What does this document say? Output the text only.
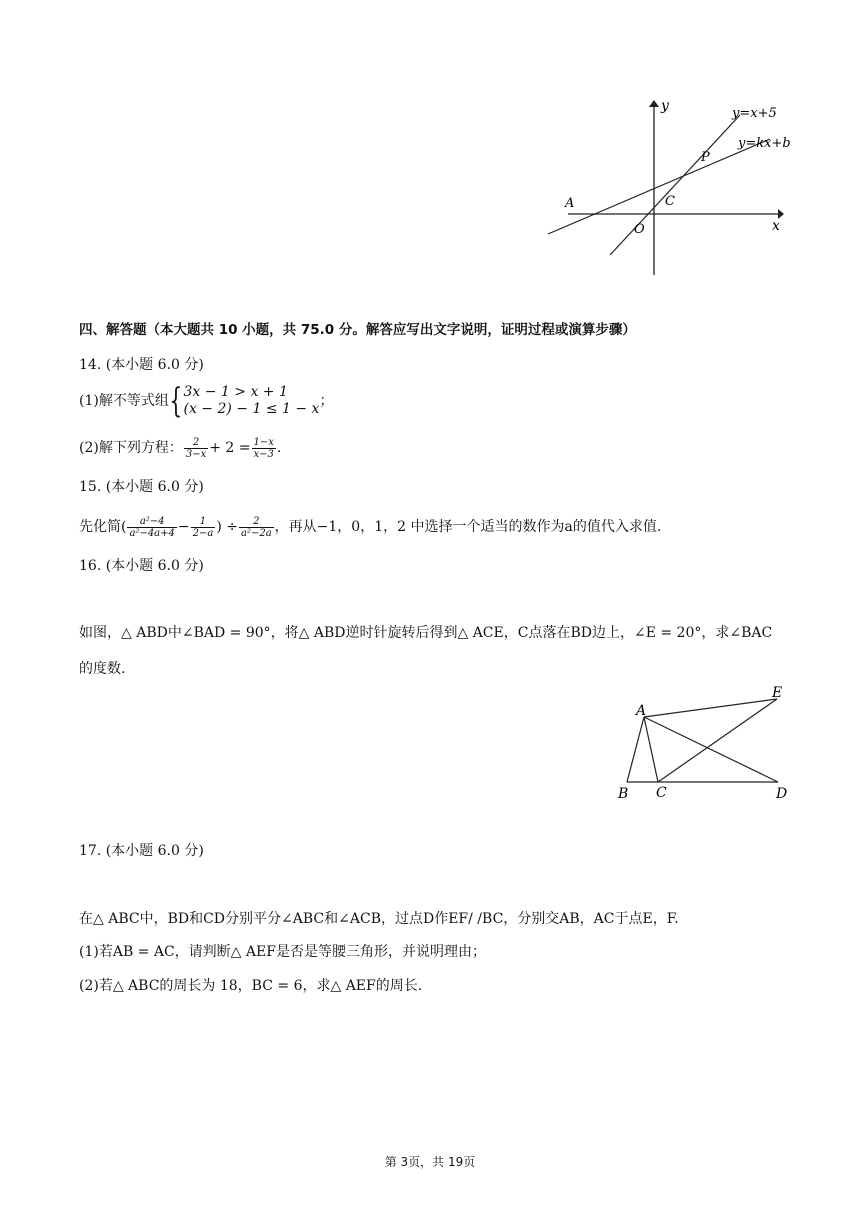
y
x
y=x+5
y=kx+b
P
A	C
O
四、解答题（本大题共 10 小题，共 75.0 分。解答应写出文字说明，证明过程或演算步骤）
14. (本小题 6.0 分)
(1)解不等式组{3x − 1 > x + 1
(x − 2) − 1 ≤ 1 − x；
(2)解下列方程： $\frac{2}{3-x} + 2 = \frac{1-x}{x-3}$ .
15. (本小题 6.0 分)
先化简( $\frac{\text{a²−4}}{\text{a²−4a+4}} - \frac{1}{2-a}$ ) ÷ $\frac{2}{\text{a²−2a}}$ ，再从−1，0，1，2 中选择一个适当的数作为a的值代入求值.
16. (本小题 6.0 分)
如图，△ ABD中∠BAD = 90°，将△ ABD逆时针旋转后得到△ ACE，C点落在BD边上，∠E = 20°，求∠BAC
的度数.
A
B C	D
E
17. (本小题 6.0 分)
在△ ABC中，BD和CD分别平分∠ABC和∠ACB，过点D作EF/ /BC，分别交AB，AC于点E，F.
(1)若AB = AC，请判断△ AEF是否是等腰三角形，并说明理由；
(2)若△ ABC的周长为 18，BC = 6，求△ AEF的周长.
第 3页，共 19页
